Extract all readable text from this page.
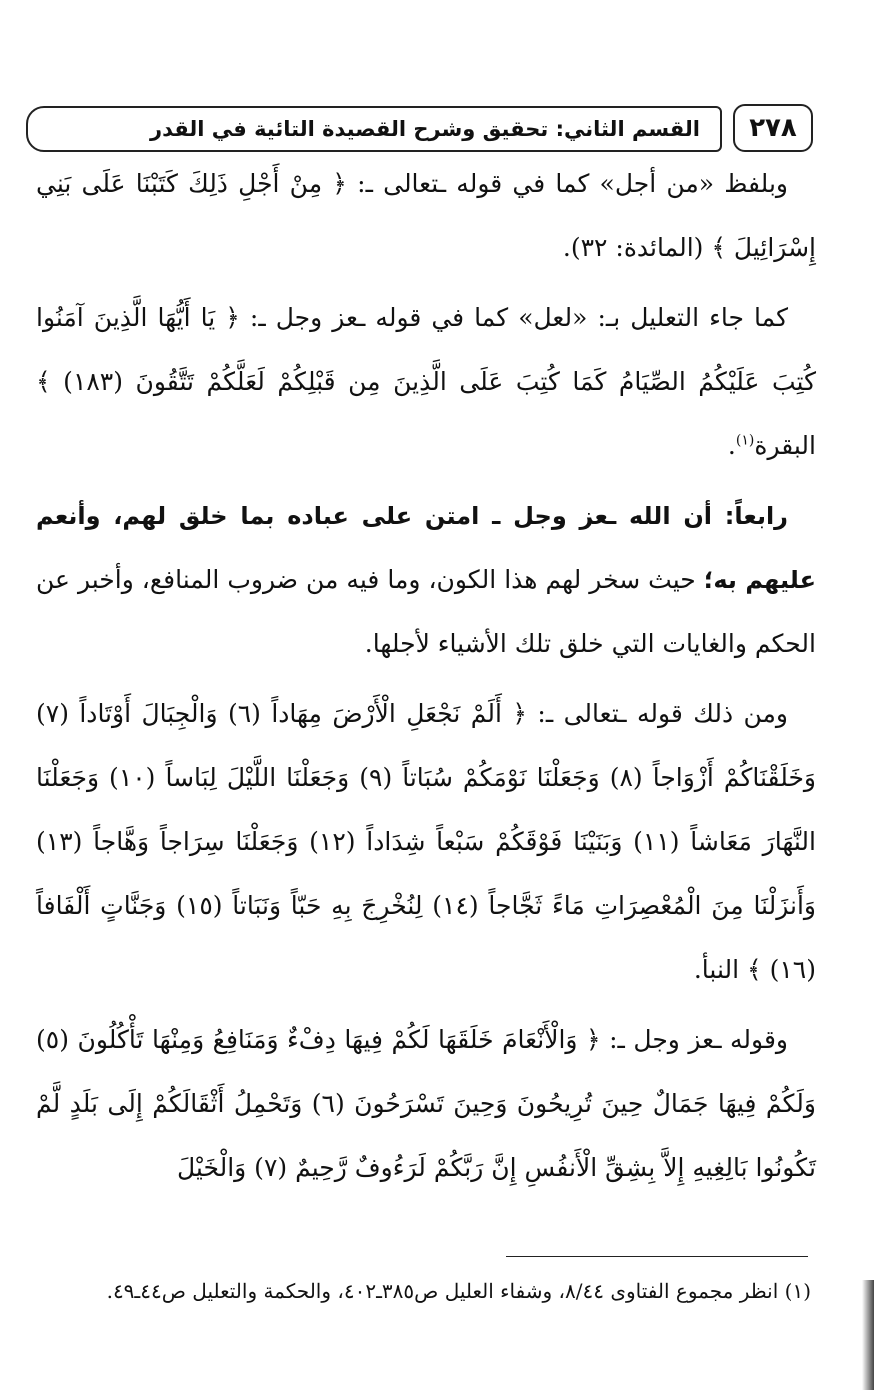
القسم الثاني: تحقيق وشرح القصيدة التائية في القدر ٢٧٨

وبلفظ «من أجل» كما في قوله ـتعالى ـ: ﴿ مِنْ أَجْلِ ذَلِكَ كَتَبْنَا عَلَى بَنِي إِسْرَائِيلَ ﴾ (المائدة: ٣٢).

كما جاء التعليل بـ: «لعل» كما في قوله ـعز وجل ـ: ﴿ يَا أَيُّهَا الَّذِينَ آمَنُوا كُتِبَ عَلَيْكُمُ الصِّيَامُ كَمَا كُتِبَ عَلَى الَّذِينَ مِن قَبْلِكُمْ لَعَلَّكُمْ تَتَّقُونَ (١٨٣) ﴾ البقرة$^{(١)}$.

رابعاً: أن الله ـعز وجل ـ امتن على عباده بما خلق لهم، وأنعم عليهم به؛ حيث سخر لهم هذا الكون، وما فيه من ضروب المنافع، وأخبر عن الحكم والغايات التي خلق تلك الأشياء لأجلها.

ومن ذلك قوله ـتعالى ـ: ﴿ أَلَمْ نَجْعَلِ الْأَرْضَ مِهَاداً (٦) وَالْجِبَالَ أَوْتَاداً (٧) وَخَلَقْنَاكُمْ أَزْوَاجاً (٨) وَجَعَلْنَا نَوْمَكُمْ سُبَاتاً (٩) وَجَعَلْنَا اللَّيْلَ لِبَاساً (١٠) وَجَعَلْنَا النَّهَارَ مَعَاشاً (١١) وَبَنَيْنَا فَوْقَكُمْ سَبْعاً شِدَاداً (١٢) وَجَعَلْنَا سِرَاجاً وَهَّاجاً (١٣) وَأَنزَلْنَا مِنَ الْمُعْصِرَاتِ مَاءً ثَجَّاجاً (١٤) لِنُخْرِجَ بِهِ حَبّاً وَنَبَاتاً (١٥) وَجَنَّاتٍ أَلْفَافاً (١٦) ﴾ النبأ.

وقوله ـعز وجل ـ: ﴿ وَالْأَنْعَامَ خَلَقَهَا لَكُمْ فِيهَا دِفْءٌ وَمَنَافِعُ وَمِنْهَا تَأْكُلُونَ (٥) وَلَكُمْ فِيهَا جَمَالٌ حِينَ تُرِيحُونَ وَحِينَ تَسْرَحُونَ (٦) وَتَحْمِلُ أَثْقَالَكُمْ إِلَى بَلَدٍ لَّمْ تَكُونُوا بَالِغِيهِ إِلاَّ بِشِقِّ الْأَنفُسِ إِنَّ رَبَّكُمْ لَرَءُوفٌ رَّحِيمٌ (٧) وَالْخَيْلَ

(١) انظر مجموع الفتاوى ٨/٤٤، وشفاء العليل ص٣٨٥ـ٤٠٢، والحكمة والتعليل ص٤٤ـ٤٩.
